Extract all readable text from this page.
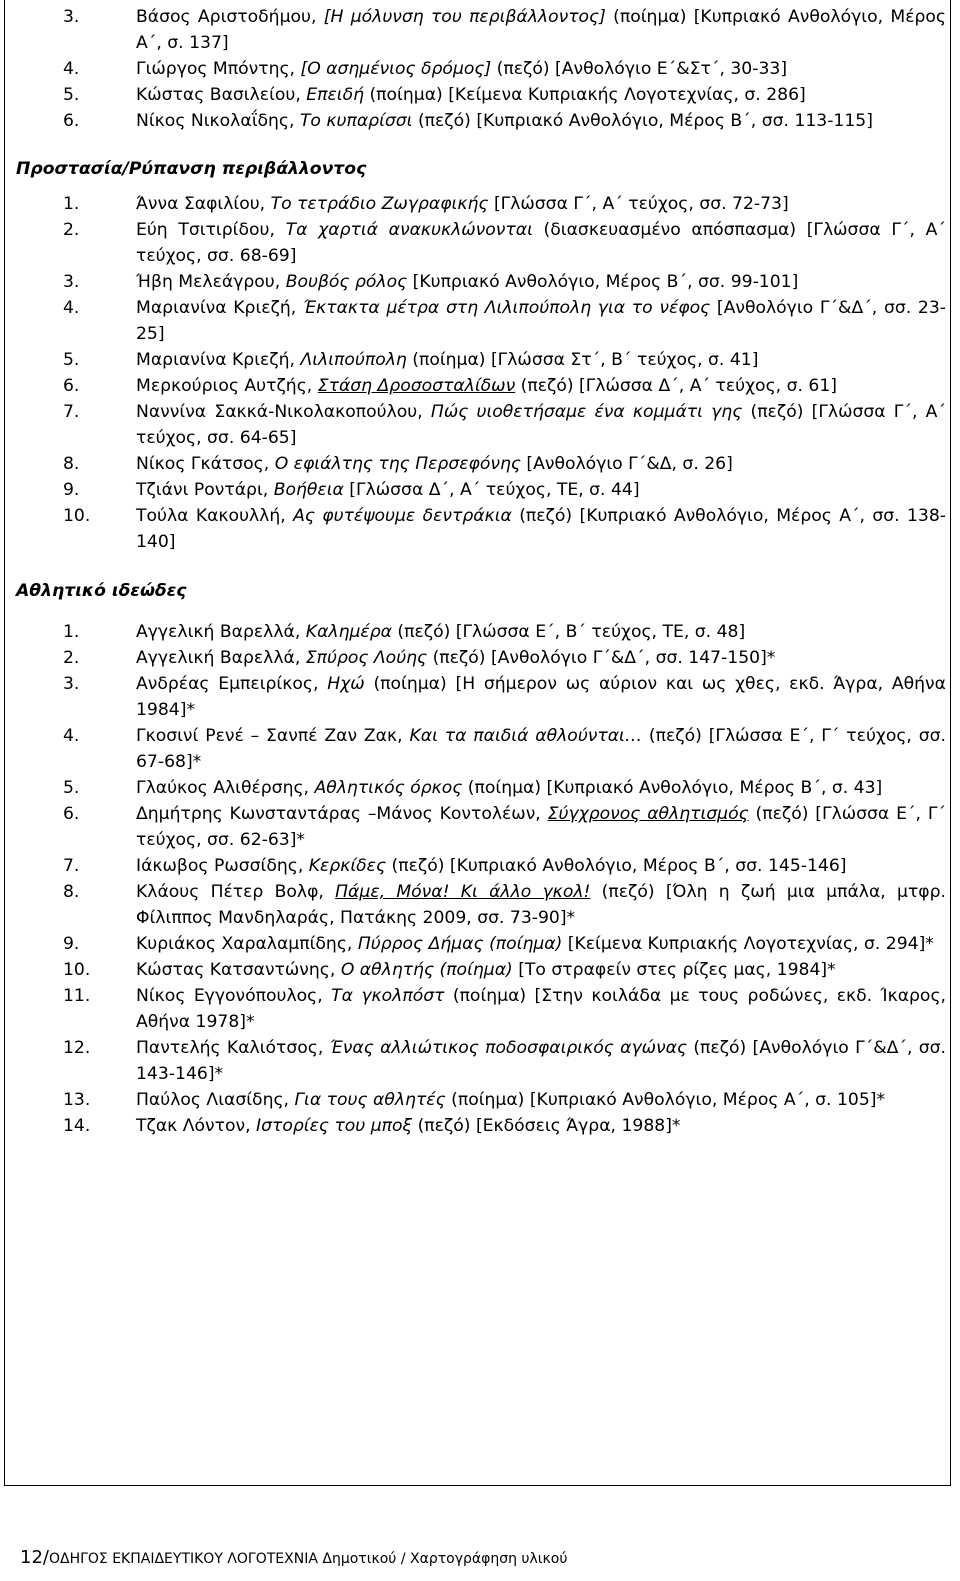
3.	Βάσος Αριστοδήμου, [Η μόλυνση του περιβάλλοντος] (ποίημα) [Κυπριακό Ανθολόγιο, Μέρος Α΄, σ. 137]
4.	Γιώργος Μπόντης, [Ο ασημένιος δρόμος] (πεζό) [Ανθολόγιο Ε΄&Στ΄, 30-33]
5.	Κώστας Βασιλείου, Επειδή (ποίημα) [Κείμενα Κυπριακής Λογοτεχνίας, σ. 286]
6.	Νίκος Νικολαΐδης, Το κυπαρίσσι (πεζό) [Κυπριακό Ανθολόγιο, Μέρος Β΄, σσ. 113-115]
Προστασία/Ρύπανση περιβάλλοντος
1.	Άννα Σαφιλίου, Το τετράδιο Ζωγραφικής [Γλώσσα Γ΄, Α΄ τεύχος, σσ. 72-73]
2.	Εύη Τσιτιρίδου, Τα χαρτιά ανακυκλώνονται (διασκευασμένο απόσπασμα) [Γλώσσα Γ΄, Α΄ τεύχος, σσ. 68-69]
3.	Ήβη Μελεάγρου, Βουβός ρόλος [Κυπριακό Ανθολόγιο, Μέρος Β΄, σσ. 99-101]
4.	Μαριανίνα Κριεζή, Έκτακτα μέτρα στη Λιλιπούπολη για το νέφος [Ανθολόγιο Γ΄&Δ΄, σσ. 23-25]
5.	Μαριανίνα Κριεζή, Λιλιπούπολη (ποίημα) [Γλώσσα Στ΄, Β΄ τεύχος, σ. 41]
6.	Μερκούριος Αυτζής, Στάση Δροσοσταλίδων (πεζό) [Γλώσσα Δ΄, Α΄ τεύχος, σ. 61]
7.	Ναννίνα Σακκά-Νικολακοπούλου, Πώς υιοθετήσαμε ένα κομμάτι γης (πεζό) [Γλώσσα Γ΄, Α΄ τεύχος, σσ. 64-65]
8.	Νίκος Γκάτσος, Ο εφιάλτης της Περσεφόνης [Ανθολόγιο Γ΄&Δ, σ. 26]
9.	Τζιάνι Ροντάρι, Βοήθεια [Γλώσσα Δ΄, Α΄ τεύχος, ΤΕ, σ. 44]
10.	Τούλα Κακουλλή, Ας φυτέψουμε δεντράκια (πεζό) [Κυπριακό Ανθολόγιο, Μέρος Α΄, σσ. 138-140]
Αθλητικό ιδεώδες
1.	Αγγελική Βαρελλά, Καλημέρα (πεζό) [Γλώσσα Ε΄, Β΄ τεύχος, ΤΕ, σ. 48]
2.	Αγγελική Βαρελλά, Σπύρος Λούης (πεζό) [Ανθολόγιο Γ΄&Δ΄, σσ. 147-150]*
3.	Ανδρέας Εμπειρίκος, Ηχώ (ποίημα) [Η σήμερον ως αύριον και ως χθες, εκδ. Άγρα, Αθήνα 1984]*
4.	Γκοσινί Ρενέ – Σανπέ Ζαν Ζακ, Και τα παιδιά αθλούνται… (πεζό) [Γλώσσα Ε΄, Γ΄ τεύχος, σσ. 67-68]*
5.	Γλαύκος Αλιθέρσης, Αθλητικός όρκος (ποίημα) [Κυπριακό Ανθολόγιο, Μέρος Β΄, σ. 43]
6.	Δημήτρης Κωνσταντάρας –Μάνος Κοντολέων, Σύγχρονος αθλητισμός (πεζό) [Γλώσσα Ε΄, Γ΄ τεύχος, σσ. 62-63]*
7.	Ιάκωβος Ρωσσίδης, Κερκίδες (πεζό) [Κυπριακό Ανθολόγιο, Μέρος Β΄, σσ. 145-146]
8.	Κλάους Πέτερ Βολφ, Πάμε, Μόνα! Κι άλλο γκολ! (πεζό) [Όλη η ζωή μια μπάλα, μτφρ. Φίλιππος Μανδηλαράς, Πατάκης 2009, σσ. 73-90]*
9.	Κυριάκος Χαραλαμπίδης, Πύρρος Δήμας (ποίημα) [Κείμενα Κυπριακής Λογοτεχνίας, σ. 294]*
10.	Κώστας Κατσαντώνης, Ο αθλητής (ποίημα) [Το στραφείν στες ρίζες μας, 1984]*
11.	Νίκος Εγγονόπουλος, Τα γκολπόστ (ποίημα) [Στην κοιλάδα με τους ροδώνες, εκδ. Ίκαρος, Αθήνα 1978]*
12.	Παντελής Καλιότσος, Ένας αλλιώτικος ποδοσφαιρικός αγώνας (πεζό) [Ανθολόγιο Γ΄&Δ΄, σσ. 143-146]*
13.	Παύλος Λιασίδης, Για τους αθλητές (ποίημα) [Κυπριακό Ανθολόγιο, Μέρος Α΄, σ. 105]*
14.	Τζακ Λόντον, Ιστορίες του μποξ (πεζό) [Εκδόσεις Άγρα, 1988]*
12/ΟΔΗΓΟΣ ΕΚΠΑΙΔΕΥΤΙΚΟΥ ΛΟΓΟΤΕΧΝΙΑ Δημοτικού / Χαρτογράφηση υλικού
